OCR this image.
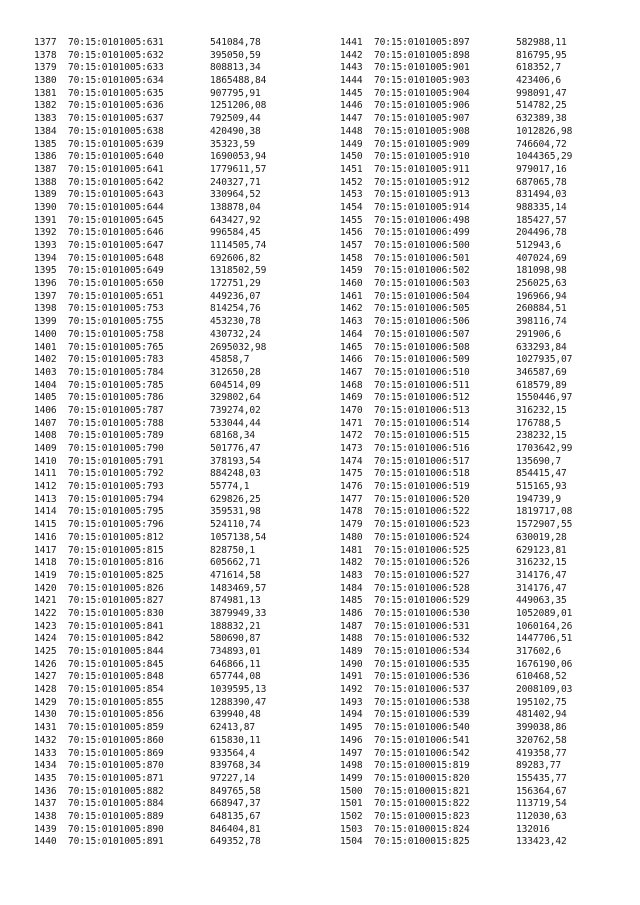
1377	70:15:0101005:631	541084,78
1378	70:15:0101005:632	395050,59
1379	70:15:0101005:633	808813,34
1380	70:15:0101005:634	1865488,84
1381	70:15:0101005:635	907795,91
1382	70:15:0101005:636	1251206,08
1383	70:15:0101005:637	792509,44
1384	70:15:0101005:638	420490,38
1385	70:15:0101005:639	35323,59
1386	70:15:0101005:640	1690053,94
1387	70:15:0101005:641	1779611,57
1388	70:15:0101005:642	240327,71
1389	70:15:0101005:643	330964,52
1390	70:15:0101005:644	138878,04
1391	70:15:0101005:645	643427,92
1392	70:15:0101005:646	996584,45
1393	70:15:0101005:647	1114505,74
1394	70:15:0101005:648	692606,82
1395	70:15:0101005:649	1318502,59
1396	70:15:0101005:650	172751,29
1397	70:15:0101005:651	449236,07
1398	70:15:0101005:753	814254,76
1399	70:15:0101005:755	453230,78
1400	70:15:0101005:758	430732,24
1401	70:15:0101005:765	2695032,98
1402	70:15:0101005:783	45858,7
1403	70:15:0101005:784	312650,28
1404	70:15:0101005:785	604514,09
1405	70:15:0101005:786	329802,64
1406	70:15:0101005:787	739274,02
1407	70:15:0101005:788	533044,44
1408	70:15:0101005:789	68168,34
1409	70:15:0101005:790	501776,47
1410	70:15:0101005:791	378193,54
1411	70:15:0101005:792	884248,03
1412	70:15:0101005:793	55774,1
1413	70:15:0101005:794	629826,25
1414	70:15:0101005:795	359531,98
1415	70:15:0101005:796	524110,74
1416	70:15:0101005:812	1057138,54
1417	70:15:0101005:815	828750,1
1418	70:15:0101005:816	605662,71
1419	70:15:0101005:825	471614,58
1420	70:15:0101005:826	1483469,57
1421	70:15:0101005:827	874981,13
1422	70:15:0101005:830	3879949,33
1423	70:15:0101005:841	188832,21
1424	70:15:0101005:842	580690,87
1425	70:15:0101005:844	734893,01
1426	70:15:0101005:845	646866,11
1427	70:15:0101005:848	657744,08
1428	70:15:0101005:854	1039595,13
1429	70:15:0101005:855	1288390,47
1430	70:15:0101005:856	639940,48
1431	70:15:0101005:859	62413,87
1432	70:15:0101005:860	615830,11
1433	70:15:0101005:869	933564,4
1434	70:15:0101005:870	839768,34
1435	70:15:0101005:871	97227,14
1436	70:15:0101005:882	849765,58
1437	70:15:0101005:884	668947,37
1438	70:15:0101005:889	648135,67
1439	70:15:0101005:890	846404,81
1440	70:15:0101005:891	649352,78
1441	70:15:0101005:897	582988,11
1442	70:15:0101005:898	816795,95
1443	70:15:0101005:901	618352,7
1444	70:15:0101005:903	423406,6
1445	70:15:0101005:904	998091,47
1446	70:15:0101005:906	514782,25
1447	70:15:0101005:907	632389,38
1448	70:15:0101005:908	1012826,98
1449	70:15:0101005:909	746604,72
1450	70:15:0101005:910	1044365,29
1451	70:15:0101005:911	979017,16
1452	70:15:0101005:912	687065,78
1453	70:15:0101005:913	831494,03
1454	70:15:0101005:914	988335,14
1455	70:15:0101006:498	185427,57
1456	70:15:0101006:499	204496,78
1457	70:15:0101006:500	512943,6
1458	70:15:0101006:501	407024,69
1459	70:15:0101006:502	181098,98
1460	70:15:0101006:503	256025,63
1461	70:15:0101006:504	196966,94
1462	70:15:0101006:505	260884,51
1463	70:15:0101006:506	398116,74
1464	70:15:0101006:507	291906,6
1465	70:15:0101006:508	633293,84
1466	70:15:0101006:509	1027935,07
1467	70:15:0101006:510	346587,69
1468	70:15:0101006:511	618579,89
1469	70:15:0101006:512	1550446,97
1470	70:15:0101006:513	316232,15
1471	70:15:0101006:514	176788,5
1472	70:15:0101006:515	238232,15
1473	70:15:0101006:516	1703642,99
1474	70:15:0101006:517	135690,7
1475	70:15:0101006:518	854415,47
1476	70:15:0101006:519	515165,93
1477	70:15:0101006:520	194739,9
1478	70:15:0101006:522	1819717,08
1479	70:15:0101006:523	1572907,55
1480	70:15:0101006:524	630019,28
1481	70:15:0101006:525	629123,81
1482	70:15:0101006:526	316232,15
1483	70:15:0101006:527	314176,47
1484	70:15:0101006:528	314176,47
1485	70:15:0101006:529	449063,35
1486	70:15:0101006:530	1052089,01
1487	70:15:0101006:531	1060164,26
1488	70:15:0101006:532	1447706,51
1489	70:15:0101006:534	317602,6
1490	70:15:0101006:535	1676190,06
1491	70:15:0101006:536	610468,52
1492	70:15:0101006:537	2008109,03
1493	70:15:0101006:538	195102,75
1494	70:15:0101006:539	481402,94
1495	70:15:0101006:540	399038,86
1496	70:15:0101006:541	320762,58
1497	70:15:0101006:542	419358,77
1498	70:15:0100015:819	89283,77
1499	70:15:0100015:820	155435,77
1500	70:15:0100015:821	156364,67
1501	70:15:0100015:822	113719,54
1502	70:15:0100015:823	112030,63
1503	70:15:0100015:824	132016
1504	70:15:0100015:825	133423,42
